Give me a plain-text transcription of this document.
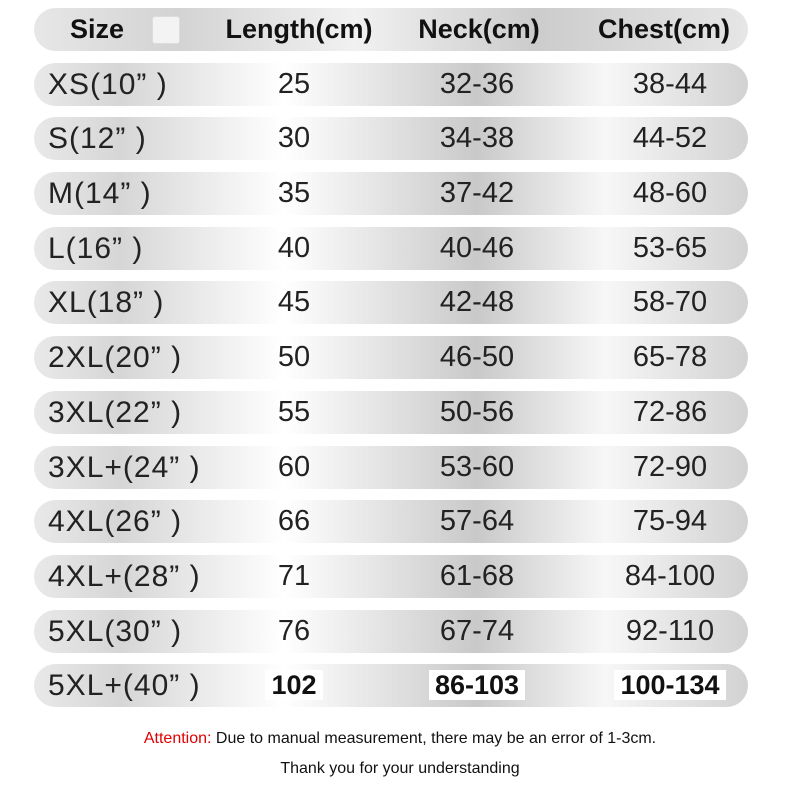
Size	Length(cm)	Neck(cm)	Chest(cm)
XS(10” )	25	32-36	38-44
S(12” )	30	34-38	44-52
M(14” )	35	37-42	48-60
L(16” )	40	40-46	53-65
XL(18” )	45	42-48	58-70
2XL(20” )	50	46-50	65-78
3XL(22” )	55	50-56	72-86
3XL+(24” )	60	53-60	72-90
4XL(26” )	66	57-64	75-94
4XL+(28” )	71	61-68	84-100
5XL(30” )	76	67-74	92-110
5XL+(40” )	102	86-103	100-134
Attention: Due to manual measurement, there may be an error of 1-3cm.
Thank you for your understanding
